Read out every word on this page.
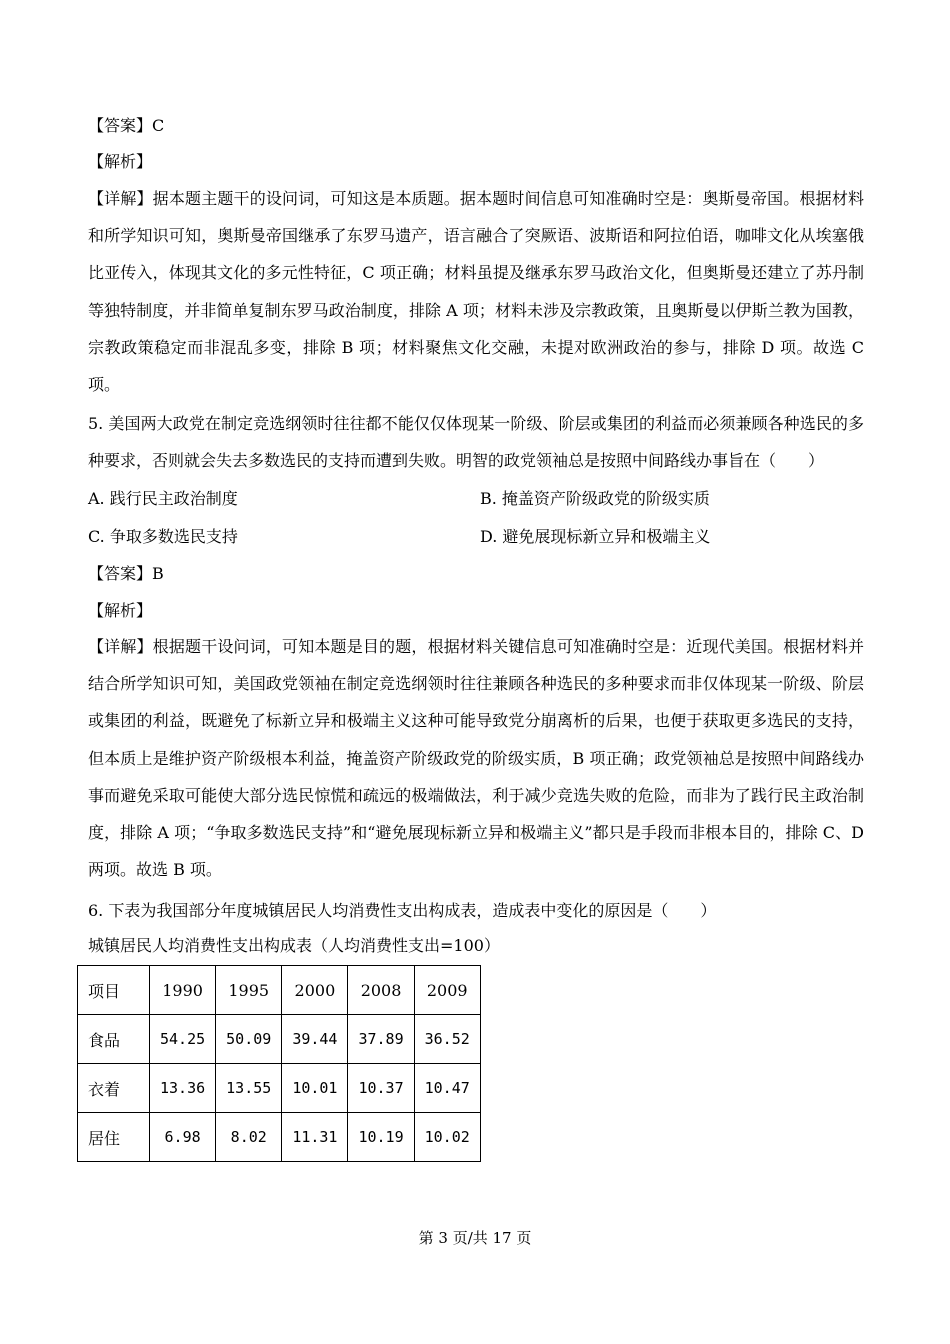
【答案】C
【解析】

【详解】据本题主题干的设问词，可知这是本质题。据本题时间信息可知准确时空是：奥斯曼帝国。根据材料和所学知识可知，奥斯曼帝国继承了东罗马遗产，语言融合了突厥语、波斯语和阿拉伯语，咖啡文化从埃塞俄比亚传入，体现其文化的多元性特征，C 项正确；材料虽提及继承东罗马政治文化，但奥斯曼还建立了苏丹制等独特制度，并非简单复制东罗马政治制度，排除 A 项；材料未涉及宗教政策，且奥斯曼以伊斯兰教为国教，宗教政策稳定而非混乱多变，排除 B 项；材料聚焦文化交融，未提对欧洲政治的参与，排除 D 项。故选 C 项。

5. 美国两大政党在制定竞选纲领时往往都不能仅仅体现某一阶级、阶层或集团的利益而必须兼顾各种选民的多种要求，否则就会失去多数选民的支持而遭到失败。明智的政党领袖总是按照中间路线办事旨在（　　）

A. 践行民主政治制度	B. 掩盖资产阶级政党的阶级实质
C. 争取多数选民支持	D. 避免展现标新立异和极端主义
【答案】B
【解析】

【详解】根据题干设问词，可知本题是目的题，根据材料关键信息可知准确时空是：近现代美国。根据材料并结合所学知识可知，美国政党领袖在制定竞选纲领时往往兼顾各种选民的多种要求而非仅体现某一阶级、阶层或集团的利益，既避免了标新立异和极端主义这种可能导致党分崩离析的后果，也便于获取更多选民的支持，但本质上是维护资产阶级根本利益，掩盖资产阶级政党的阶级实质，B 项正确；政党领袖总是按照中间路线办事而避免采取可能使大部分选民惊慌和疏远的极端做法，利于减少竞选失败的危险，而非为了践行民主政治制度，排除 A 项；“争取多数选民支持”和“避免展现标新立异和极端主义”都只是手段而非根本目的，排除 C、D 两项。故选 B 项。

6. 下表为我国部分年度城镇居民人均消费性支出构成表，造成表中变化的原因是（　　）
城镇居民人均消费性支出构成表（人均消费性支出=100）
项目	1990	1995	2000	2008	2009
食品	54.25	50.09	39.44	37.89	36.52
衣着	13.36	13.55	10.01	10.37	10.47
居住	6.98	8.02	11.31	10.19	10.02
第 3 页/共 17 页
